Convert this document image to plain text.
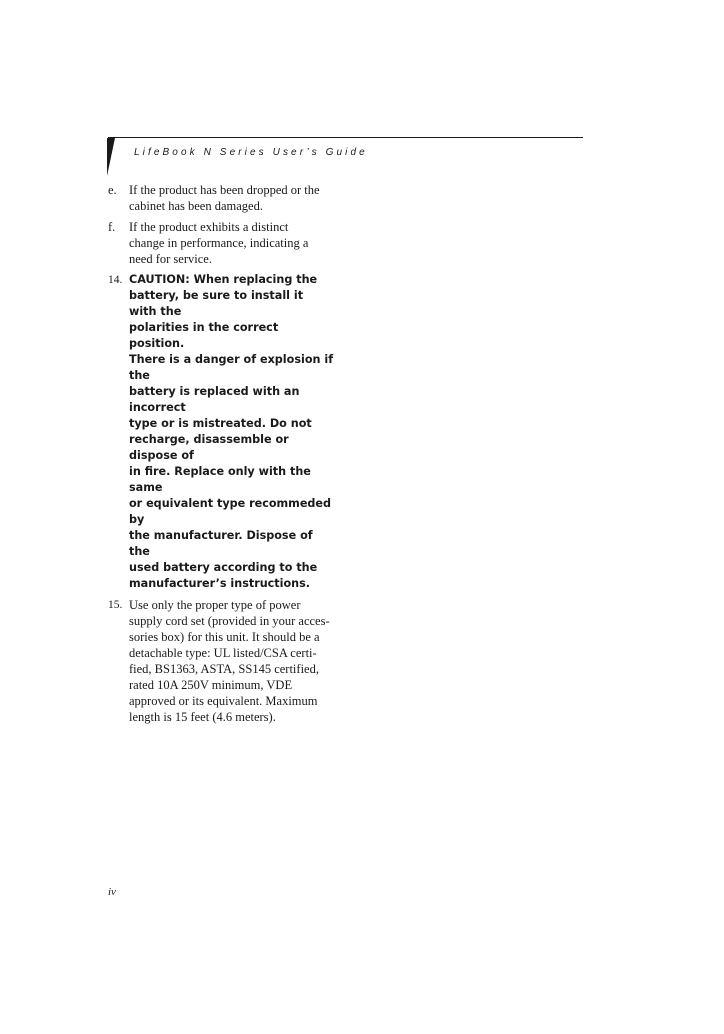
LifeBook N Series User’s Guide
e. If the product has been dropped or the
cabinet has been damaged.
f.	If the product exhibits a distinct
change in performance, indicating a
need for service.
14. CAUTION: When replacing the
battery, be sure to install it with the
polarities in the correct position.
There is a danger of explosion if the
battery is replaced with an incorrect
type or is mistreated. Do not
recharge, disassemble or dispose of
in fire. Replace only with the same
or equivalent type recommeded by
the manufacturer. Dispose of the
used battery according to the
manufacturer’s instructions.
15. Use only the proper type of power
supply cord set (provided in your acces-
sories box) for this unit. It should be a
detachable type: UL listed/CSA certi-
fied, BS1363, ASTA, SS145 certified,
rated 10A 250V minimum, VDE
approved or its equivalent. Maximum
length is 15 feet (4.6 meters).
iv
